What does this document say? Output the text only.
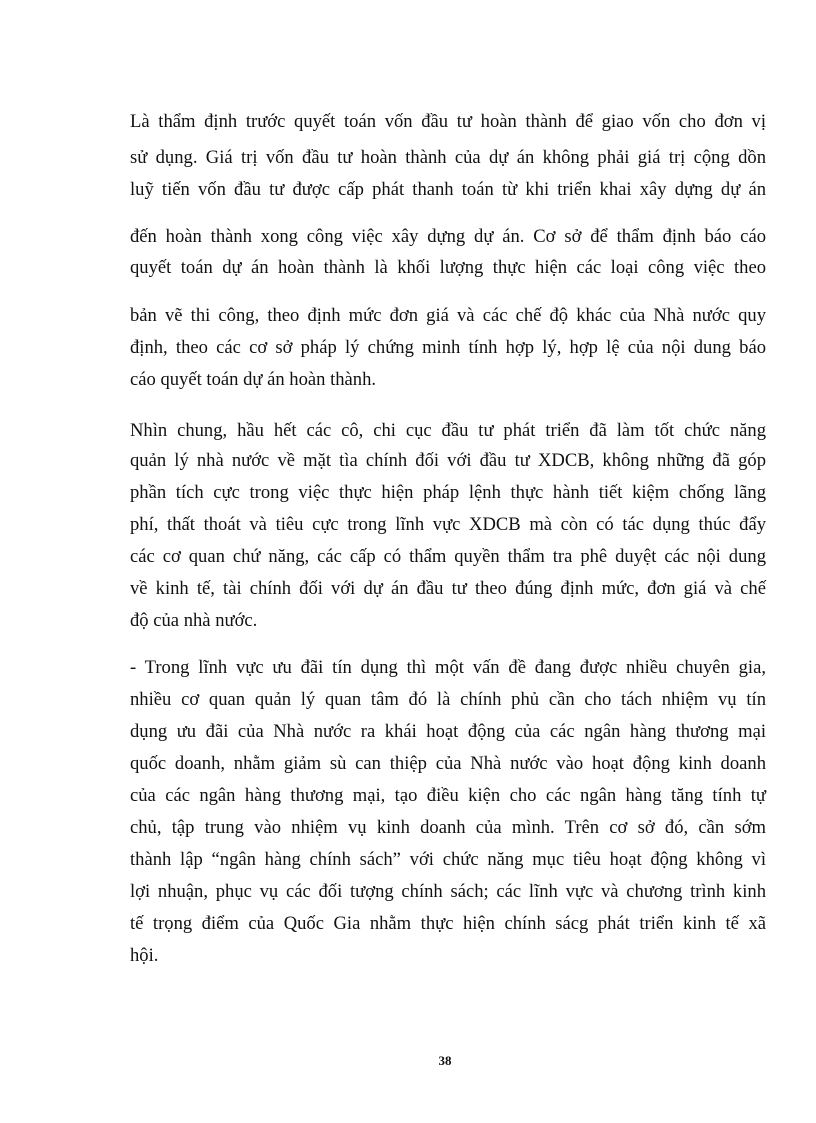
Là thẩm định trước quyết toán vốn đầu tư hoàn thành để giao vốn cho đơn vị
sử dụng. Giá trị vốn đầu tư hoàn thành của dự án không phải giá trị cộng dồn
luỹ tiến vốn đầu tư được cấp phát thanh toán từ khi triển khai xây dựng dự án
đến hoàn thành xong công việc xây dựng dự án. Cơ sở để thẩm định báo cáo
quyết toán dự án hoàn thành là khối lượng thực hiện các loại công việc theo
bản vẽ thi công, theo định mức đơn giá và các chế độ khác của Nhà nước quy
định, theo các cơ sở pháp lý chứng minh tính hợp lý, hợp lệ của nội dung báo
cáo quyết toán dự án hoàn thành.
Nhìn chung, hầu hết các cô, chi cục đầu tư phát triển đã làm tốt chức năng
quản lý nhà nước về mặt tìa chính đối với đầu tư XDCB, không những đã góp
phần tích cực trong việc thực hiện pháp lệnh thực hành tiết kiệm chống lãng
phí, thất thoát và tiêu cực trong lĩnh vực XDCB mà còn có tác dụng thúc đẩy
các cơ quan chứ năng, các cấp có thẩm quyền thẩm tra phê duyệt các nội dung
về kinh tế, tài chính đối với dự án đầu tư theo đúng định mức, đơn giá và chế
độ của nhà nước.
- Trong lĩnh vực ưu đãi tín dụng thì một vấn đề đang được nhiều chuyên gia,
nhiều cơ quan quản lý quan tâm đó là chính phủ cần cho tách nhiệm vụ tín
dụng ưu đãi của Nhà nước ra khái hoạt động của các ngân hàng thương mại
quốc doanh, nhằm giảm sù can thiệp của Nhà nước vào hoạt động kinh doanh
của các ngân hàng thương mại, tạo điều kiện cho các ngân hàng tăng tính tự
chủ, tập trung vào nhiệm vụ kinh doanh của mình. Trên cơ sở đó, cần sớm
thành lập “ngân hàng chính sách” với chức năng mục tiêu hoạt động không vì
lợi nhuận, phục vụ các đối tượng chính sách; các lĩnh vực và chương trình kinh
tế trọng điểm của Quốc Gia nhằm thực hiện chính sácg phát triển kinh tế xã
hội.
38
